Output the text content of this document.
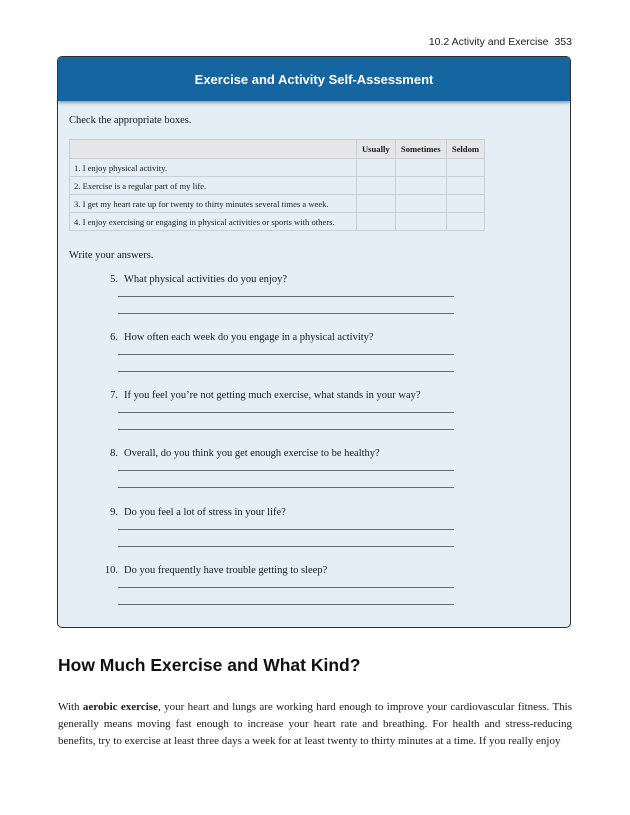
10.2 Activity and Exercise 353
Exercise and Activity Self-Assessment
Check the appropriate boxes.
	Usually	Sometimes	Seldom
1. I enjoy physical activity.			
2. Exercise is a regular part of my life.			
3. I get my heart rate up for twenty to thirty minutes several times a week.			
4. I enjoy exercising or engaging in physical activities or sports with others.			
Write your answers.
5. What physical activities do you enjoy?
6. How often each week do you engage in a physical activity?
7. If you feel you’re not getting much exercise, what stands in your way?
8. Overall, do you think you get enough exercise to be healthy?
9. Do you feel a lot of stress in your life?
10. Do you frequently have trouble getting to sleep?
How Much Exercise and What Kind?

With aerobic exercise, your heart and lungs are working hard enough to improve your cardiovascular fitness. This generally means moving fast enough to increase your heart rate and breathing. For health and stress-reducing benefits, try to exercise at least three days a week for at least twenty to thirty minutes at a time. If you really enjoy
